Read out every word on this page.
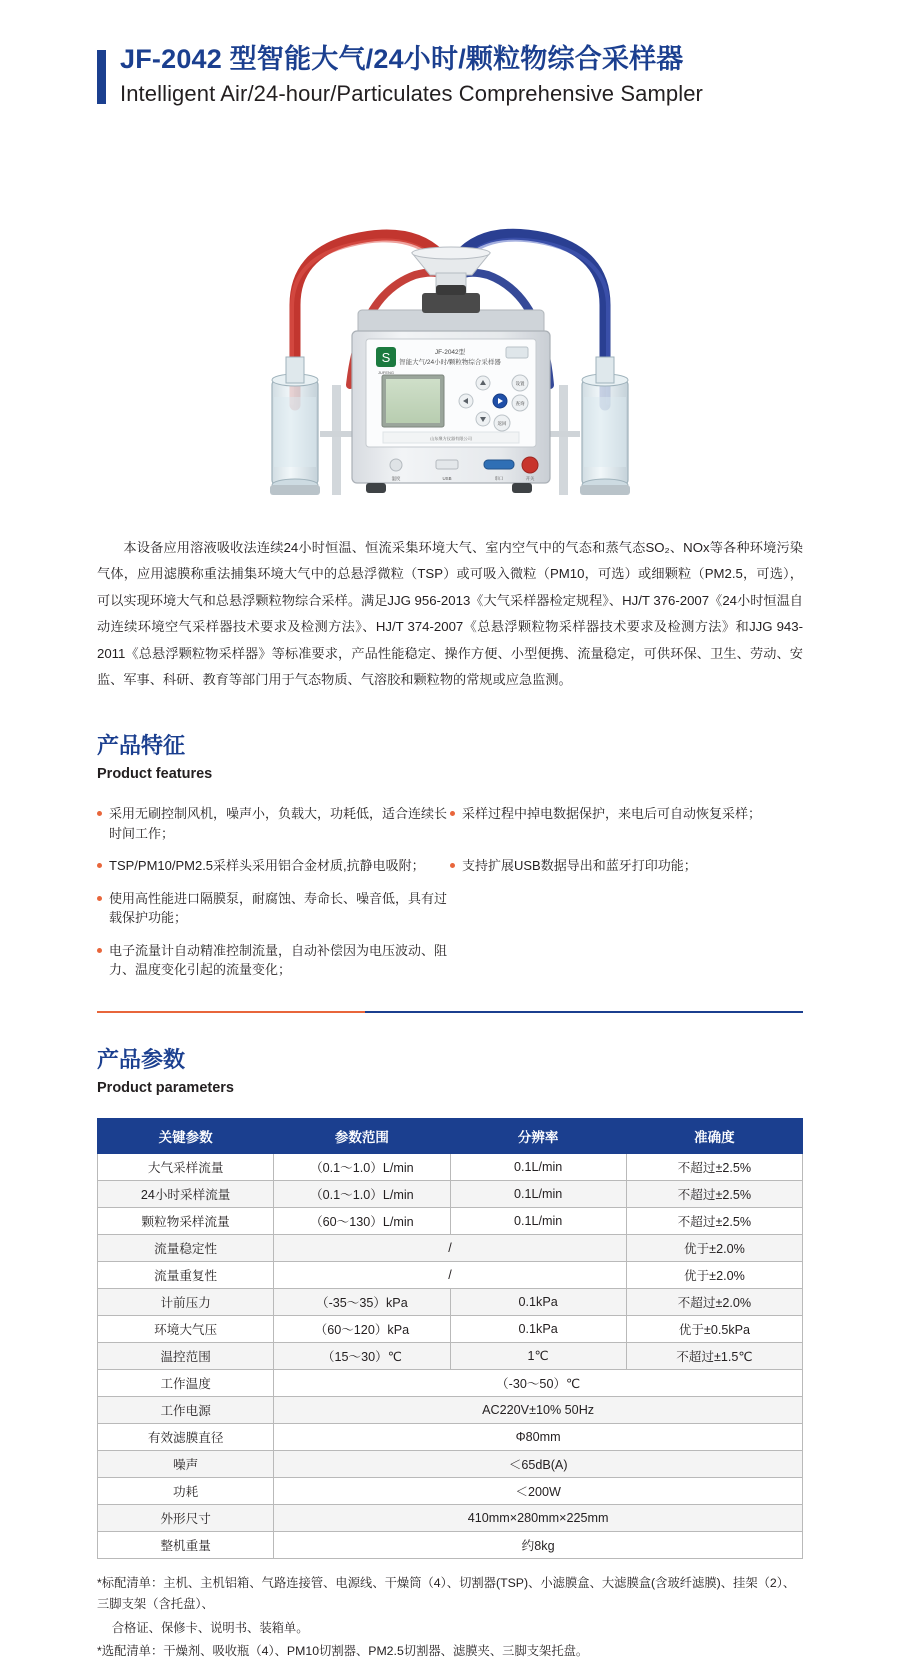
JF-2042 型智能大气/24小时/颗粒物综合采样器
Intelligent Air/24-hour/Particulates Comprehensive Sampler
S
JUFENG
JF-2042型
智能大气/24小时/颗粒物综合采样器
设置
查询
返回
山东聚方仪器有限公司
温度	USB	串口	开关
本设备应用溶液吸收法连续24小时恒温、恒流采集环境大气、室内空气中的气态和蒸气态SO₂、NOx等各种环境污染气体，应用滤膜称重法捕集环境大气中的总悬浮微粒（TSP）或可吸入微粒（PM10，可选）或细颗粒（PM2.5，可选），可以实现环境大气和总悬浮颗粒物综合采样。满足JJG 956-2013《大气采样器检定规程》、HJ/T 376-2007《24小时恒温自动连续环境空气采样器技术要求及检测方法》、HJ/T 374-2007《总悬浮颗粒物采样器技术要求及检测方法》和JJG 943-2011《总悬浮颗粒物采样器》等标准要求，产品性能稳定、操作方便、小型便携、流量稳定，可供环保、卫生、劳动、安监、军事、科研、教育等部门用于气态物质、气溶胶和颗粒物的常规或应急监测。
产品特征
Product features
采用无刷控制风机，噪声小，负载大，功耗低，适合连续长时间工作；
采样过程中掉电数据保护，来电后可自动恢复采样；
TSP/PM10/PM2.5采样头采用铝合金材质,抗静电吸附；	支持扩展USB数据导出和蓝牙打印功能；
使用高性能进口隔膜泵，耐腐蚀、寿命长、噪音低，具有过载保护功能；
电子流量计自动精准控制流量，自动补偿因为电压波动、阻力、温度变化引起的流量变化；
产品参数
Product parameters
关键参数	参数范围	分辨率	准确度
大气采样流量	（0.1～1.0）L/min	0.1L/min	不超过±2.5%
24小时采样流量	（0.1～1.0）L/min	0.1L/min	不超过±2.5%
颗粒物采样流量	（60～130）L/min	0.1L/min	不超过±2.5%
流量稳定性	/		优于±2.0%
流量重复性	/		优于±2.0%
计前压力	（-35～35）kPa	0.1kPa	不超过±2.0%
环境大气压	（60～120）kPa	0.1kPa	优于±0.5kPa
温控范围	（15～30）℃	1℃	不超过±1.5℃
工作温度	（-30～50）℃		
工作电源	AC220V±10% 50Hz		
有效滤膜直径	Φ80mm		
噪声	＜65dB(A)		
功耗	＜200W		
外形尺寸	410mm×280mm×225mm		
整机重量	约8kg		

*标配清单：主机、主机铝箱、气路连接管、电源线、干燥筒（4）、切割器(TSP)、小滤膜盒、大滤膜盒(含玻纤滤膜)、挂架（2）、三脚支架（含托盘）、

合格证、保修卡、说明书、装箱单。

*选配清单：干燥剂、吸收瓶（4）、PM10切割器、PM2.5切割器、滤膜夹、三脚支架托盘。
